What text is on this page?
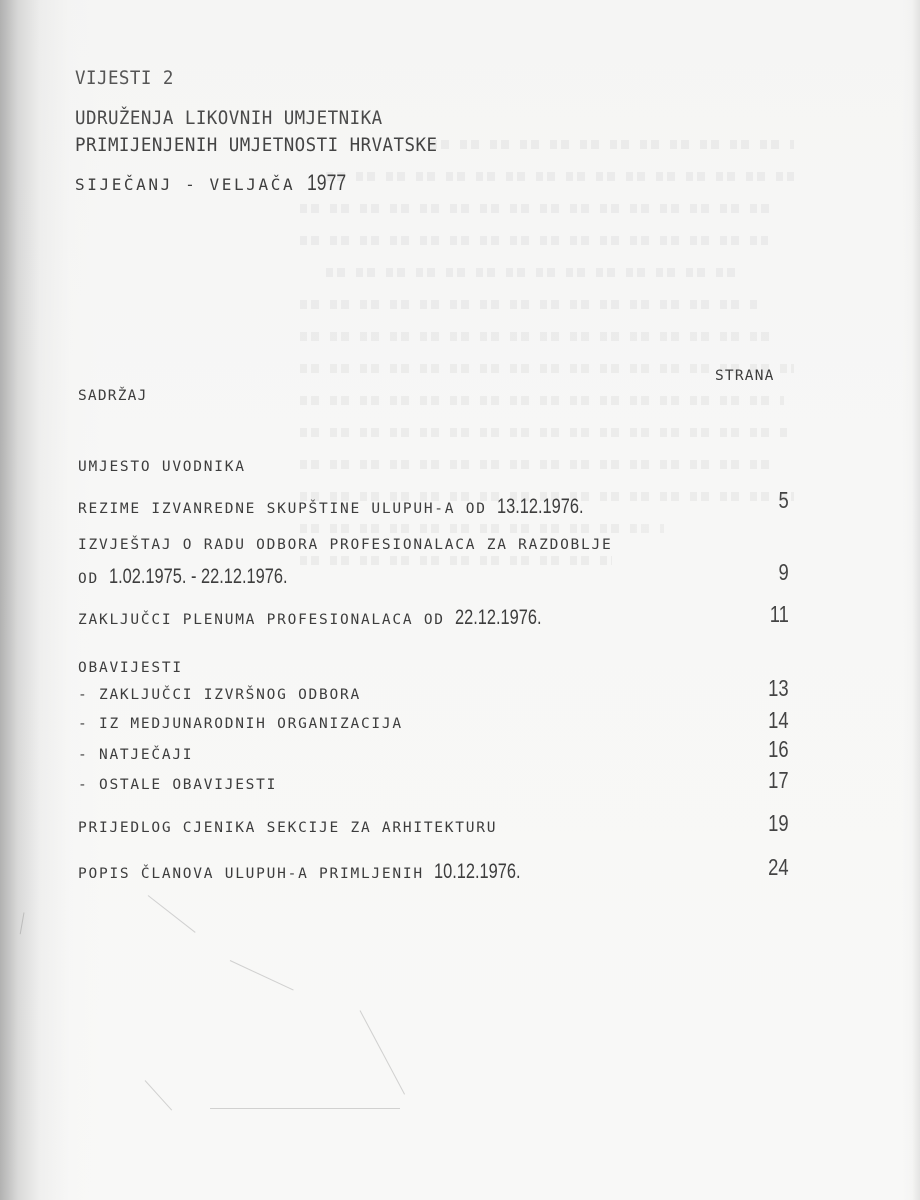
VIJESTI 2
UDRUŽENJA LIKOVNIH UMJETNIKA
PRIMIJENJENIH UMJETNOSTI HRVATSKE
SIJEČANJ - VELJAČA 1977
STRANA
SADRŽAJ
UMJESTO UVODNIKA
REZIME IZVANREDNE SKUPŠTINE ULUPUH-A OD 13.12.1976.	5
IZVJEŠTAJ O RADU ODBORA PROFESIONALACA ZA RAZDOBLJE
OD 1.02.1975. - 22.12.1976.	9
ZAKLJUČCI PLENUMA PROFESIONALACA OD 22.12.1976.	11
OBAVIJESTI
- ZAKLJUČCI IZVRŠNOG ODBORA	13
- IZ MEDJUNARODNIH ORGANIZACIJA	14
- NATJEČAJI	16
- OSTALE OBAVIJESTI	17
PRIJEDLOG CJENIKA SEKCIJE ZA ARHITEKTURU	19
POPIS ČLANOVA ULUPUH-A PRIMLJENIH 10.12.1976.	24
